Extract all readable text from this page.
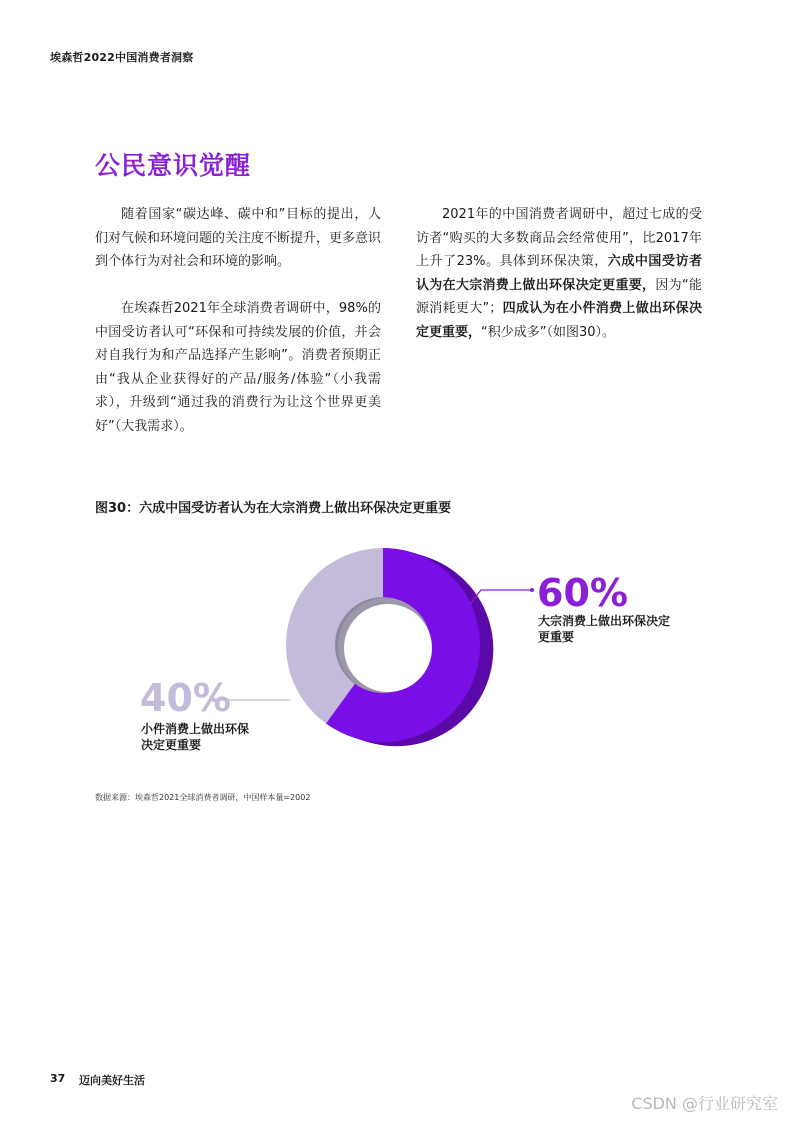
埃森哲2022中国消费者洞察
公民意识觉醒

随着国家“碳达峰、碳中和”目标的提出，人们对气候和环境问题的关注度不断提升，更多意识到个体行为对社会和环境的影响。

在埃森哲2021年全球消费者调研中，98%的中国受访者认可“环保和可持续发展的价值，并会对自我行为和产品选择产生影响”。消费者预期正由“我从企业获得好的产品/服务/体验”（小我需求），升级到“通过我的消费行为让这个世界更美好”（大我需求）。

2021年的中国消费者调研中，超过七成的受访者“购买的大多数商品会经常使用”，比2017年上升了23%。具体到环保决策，六成中国受访者认为在大宗消费上做出环保决定更重要，因为“能源消耗更大”；四成认为在小件消费上做出环保决定更重要，“积少成多”（如图30）。

图30：六成中国受访者认为在大宗消费上做出环保决定更重要
60%
大宗消费上做出环保决定
更重要
40%
小件消费上做出环保
决定更重要
数据来源：埃森哲2021全球消费者调研，中国样本量=2002
37 迈向美好生活
CSDN @行业研究室
